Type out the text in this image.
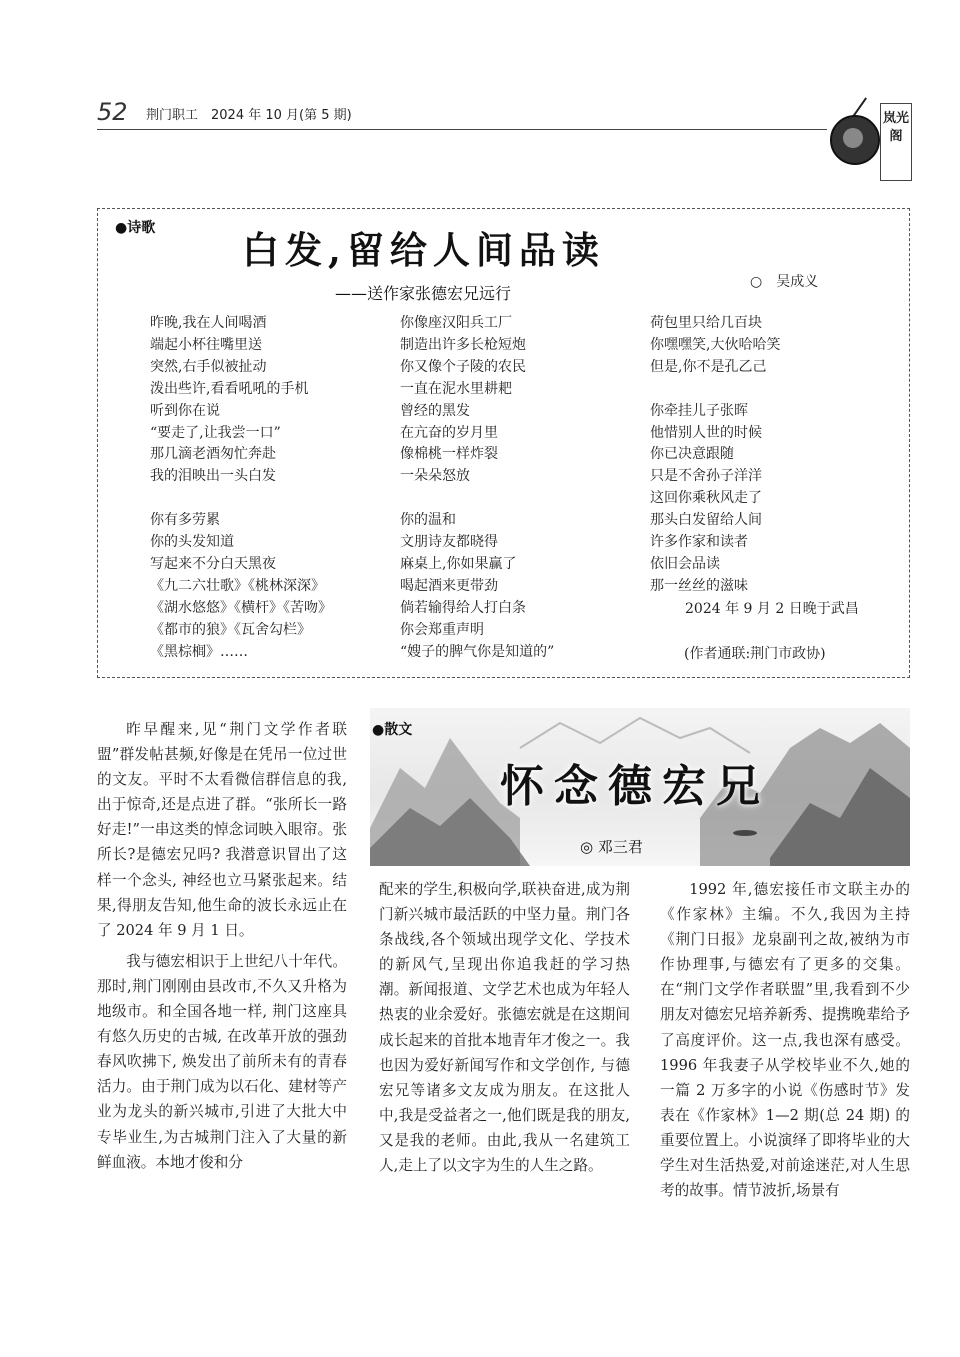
52 荆门职工　2024 年 10 月(第 5 期)	岚光阁
●诗歌 白发,留给人间品读
——送作家张德宏兄远行
○　吴成义
昨晚,我在人间喝酒
端起小杯往嘴里送
突然,右手似被扯动
泼出些许,看看吼吼的手机
听到你在说
“要走了,让我尝一口”
那几滴老酒匆忙奔赴
我的泪映出一头白发

你有多劳累
你的头发知道
写起来不分白天黑夜
《九二六壮歌》《桃林深深》
《湖水悠悠》《横杆》《苦吻》
《都市的狼》《瓦舍勾栏》
《黑棕榈》……
你像座汉阳兵工厂
制造出许多长枪短炮
你又像个子陵的农民
一直在泥水里耕耙
曾经的黑发
在亢奋的岁月里
像棉桃一样炸裂
一朵朵怒放

你的温和
文朋诗友都晓得
麻桌上,你如果赢了
喝起酒来更带劲
倘若输得给人打白条
你会郑重声明
“嫂子的脾气你是知道的”
荷包里只给几百块
你嘿嘿笑,大伙哈哈笑
但是,你不是孔乙己

你牵挂儿子张晖
他惜别人世的时候
你已决意跟随
只是不舍孙子洋洋
这回你乘秋风走了
那头白发留给人间
许多作家和读者
依旧会品读
那一丝丝的滋味
2024 年 9 月 2 日晚于武昌
(作者通联:荆门市政协)
●散文
怀念德宏兄
◎ 邓三君

昨早醒来,见“荆门文学作者联盟”群发帖甚频,好像是在凭吊一位过世的文友。平时不太看微信群信息的我,出于惊奇,还是点进了群。“张所长一路好走!”一串这类的悼念词映入眼帘。张所长?是德宏兄吗? 我潜意识冒出了这样一个念头, 神经也立马紧张起来。结果,得朋友告知,他生命的波长永远止在了 2024 年 9 月 1 日。

我与德宏相识于上世纪八十年代。那时,荆门刚刚由县改市,不久又升格为地级市。和全国各地一样, 荆门这座具有悠久历史的古城, 在改革开放的强劲春风吹拂下, 焕发出了前所未有的青春活力。由于荆门成为以石化、建材等产业为龙头的新兴城市,引进了大批大中专毕业生,为古城荆门注入了大量的新鲜血液。本地才俊和分

配来的学生,积极向学,联袂奋进,成为荆门新兴城市最活跃的中坚力量。荆门各条战线,各个领域出现学文化、学技术的新风气,呈现出你追我赶的学习热潮。新闻报道、文学艺术也成为年轻人热衷的业余爱好。张德宏就是在这期间成长起来的首批本地青年才俊之一。我也因为爱好新闻写作和文学创作, 与德宏兄等诸多文友成为朋友。在这批人中,我是受益者之一,他们既是我的朋友, 又是我的老师。由此,我从一名建筑工人,走上了以文字为生的人生之路。

1992 年,德宏接任市文联主办的《作家林》主编。不久,我因为主持《荆门日报》龙泉副刊之故,被纳为市作协理事,与德宏有了更多的交集。在“荆门文学作者联盟”里,我看到不少朋友对德宏兄培养新秀、提携晚辈给予了高度评价。这一点,我也深有感受。1996 年我妻子从学校毕业不久,她的一篇 2 万多字的小说《伤感时节》发表在《作家林》1—2 期(总 24 期) 的重要位置上。小说演绎了即将毕业的大学生对生活热爱,对前途迷茫,对人生思考的故事。情节波折,场景有
